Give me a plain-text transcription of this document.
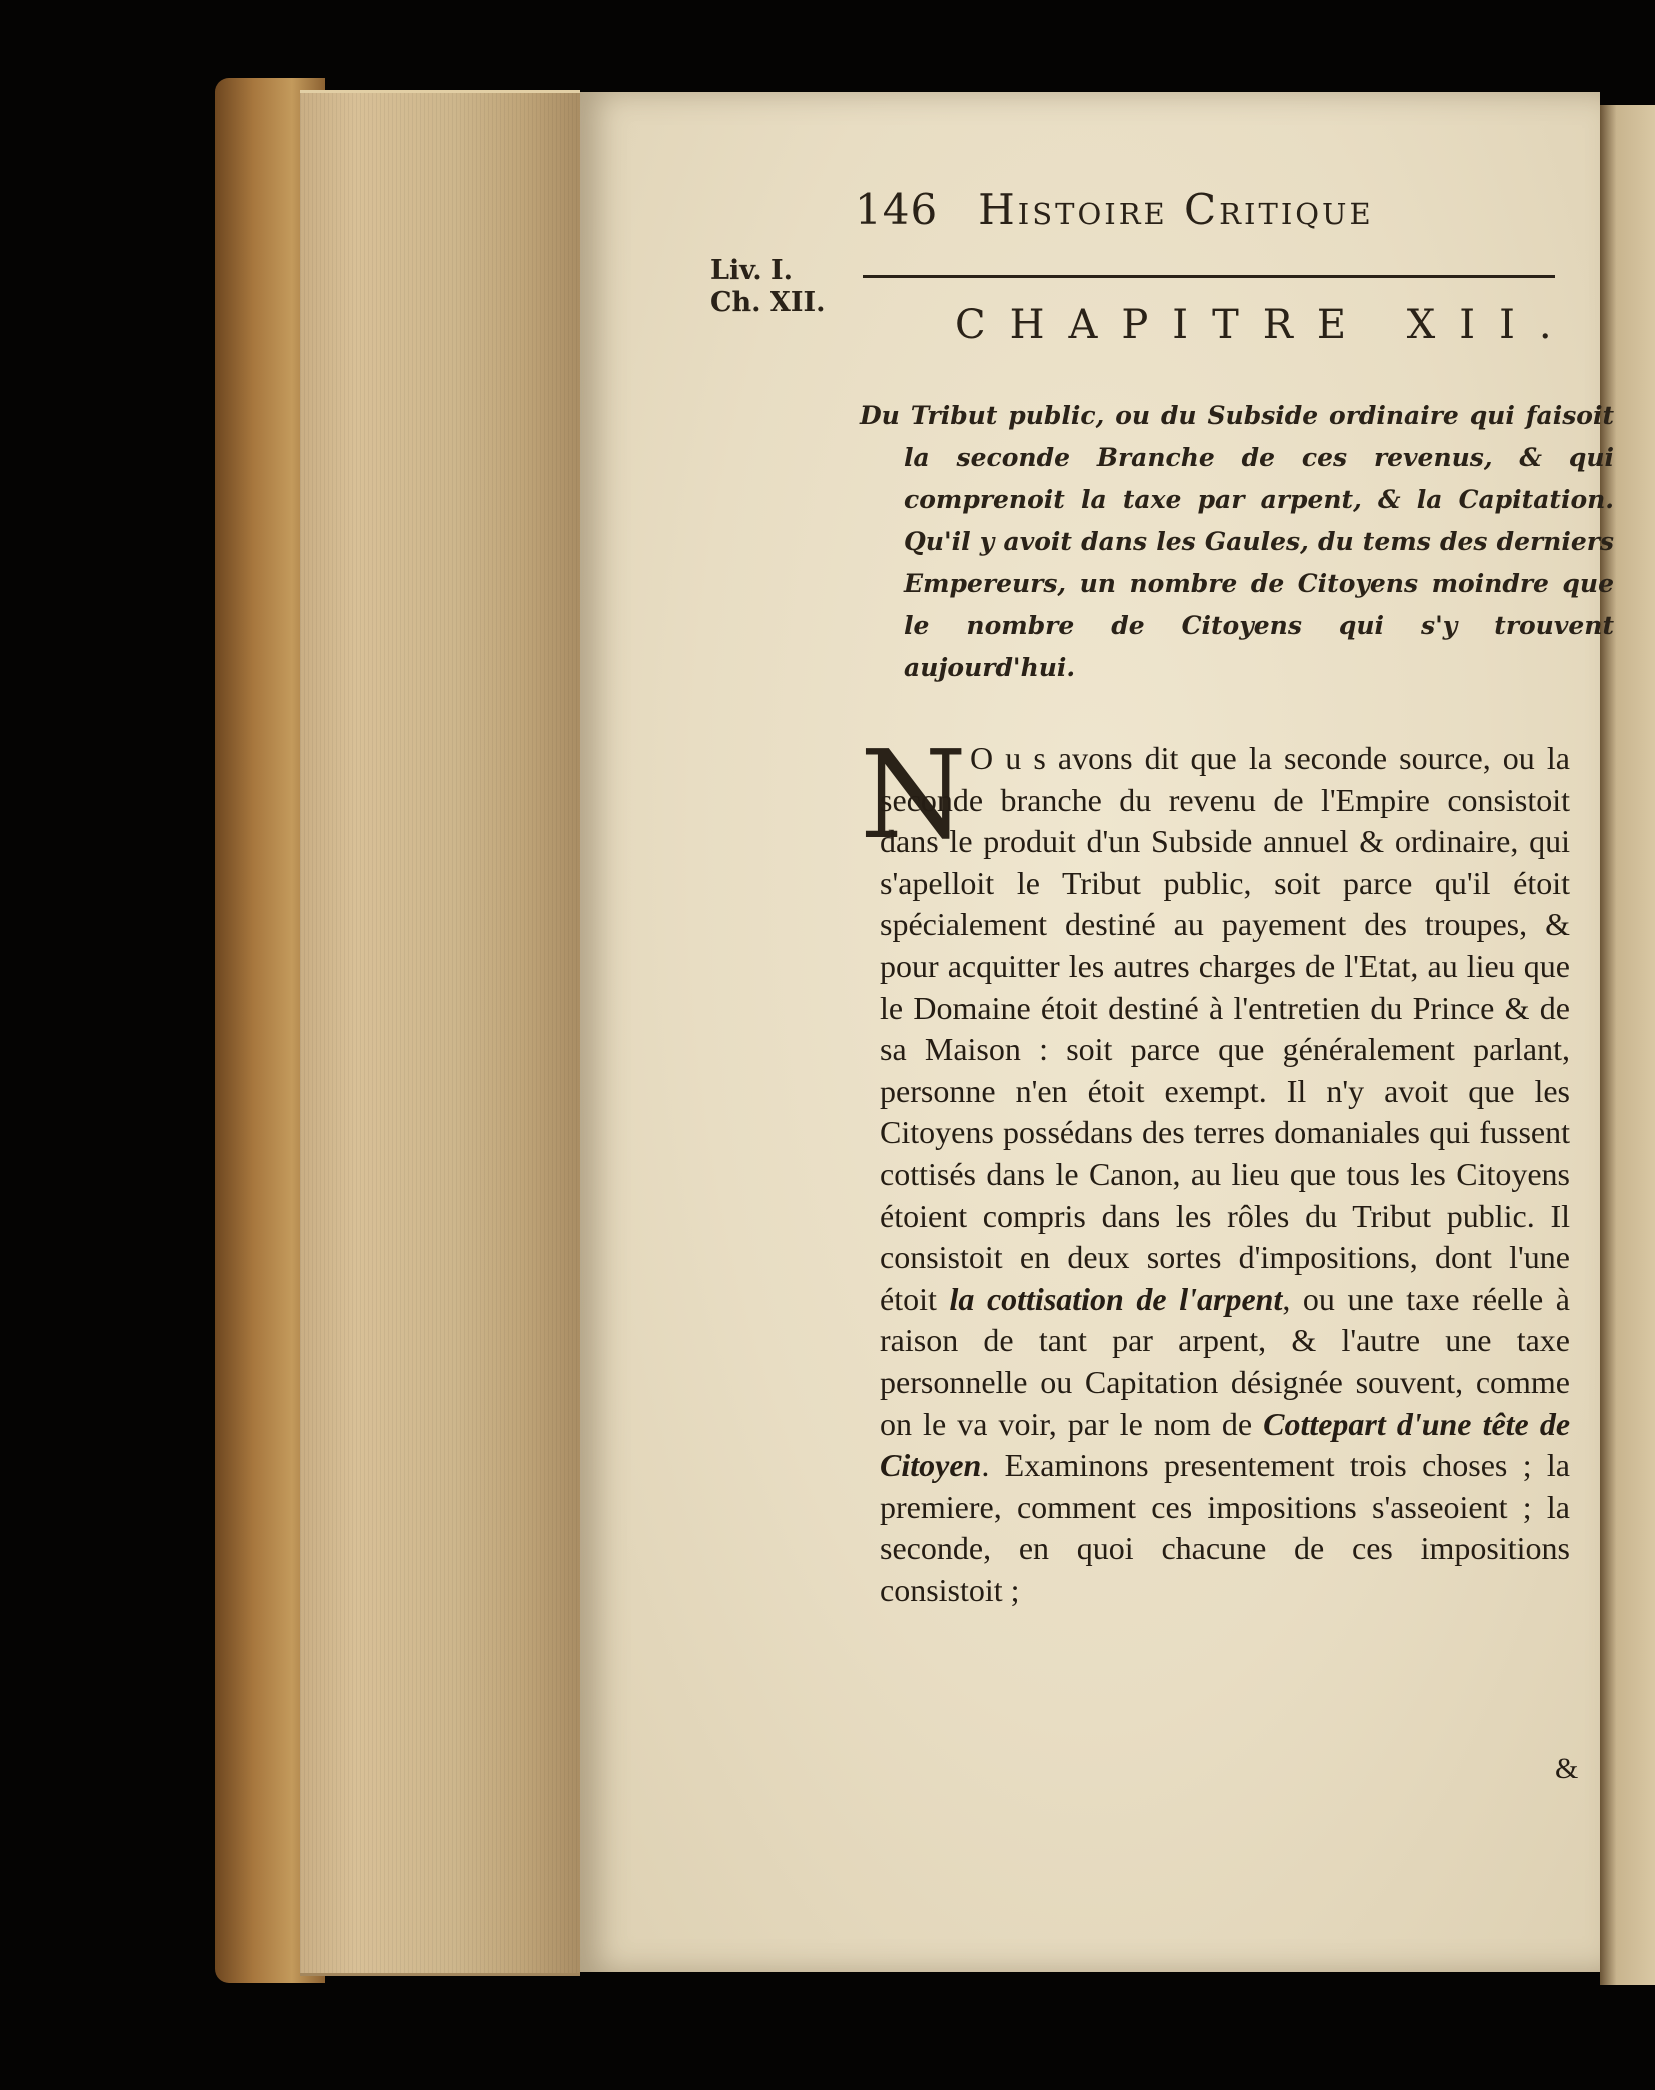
146 Histoire Critique
Liv. I.
Ch. XII.	CHAPITRE XII.
Du Tribut public, ou du Subside ordinaire qui faisoit la seconde Branche de ces revenus, & qui comprenoit la taxe par arpent, & la Capitation. Qu'il y avoit dans les Gaules, du tems des derniers Empereurs, un nombre de Citoyens moindre que le nombre de Citoyens qui s'y trouvent aujourd'hui.
N O u s avons dit que la seconde source, ou la seconde branche du revenu de l'Empire consistoit dans le produit d'un Subside annuel & ordinaire, qui s'apelloit le Tribut public, soit parce qu'il étoit spécialement destiné au payement des troupes, & pour acquitter les autres charges de l'Etat, au lieu que le Domaine étoit destiné à l'entretien du Prince & de sa Maison : soit parce que généralement parlant, personne n'en étoit exempt. Il n'y avoit que les Citoyens possédans des terres domaniales qui fussent cottisés dans le Canon, au lieu que tous les Citoyens étoient compris dans les rôles du Tribut public. Il consistoit en deux sortes d'impositions, dont l'une étoit la cottisation de l'arpent, ou une taxe réelle à raison de tant par arpent, & l'autre une taxe personnelle ou Capitation désignée souvent, comme on le va voir, par le nom de Cottepart d'une tête de Citoyen. Examinons presentement trois choses ; la premiere, comment ces impositions s'asseoient ; la seconde, en quoi chacune de ces impositions consistoit ;
&
